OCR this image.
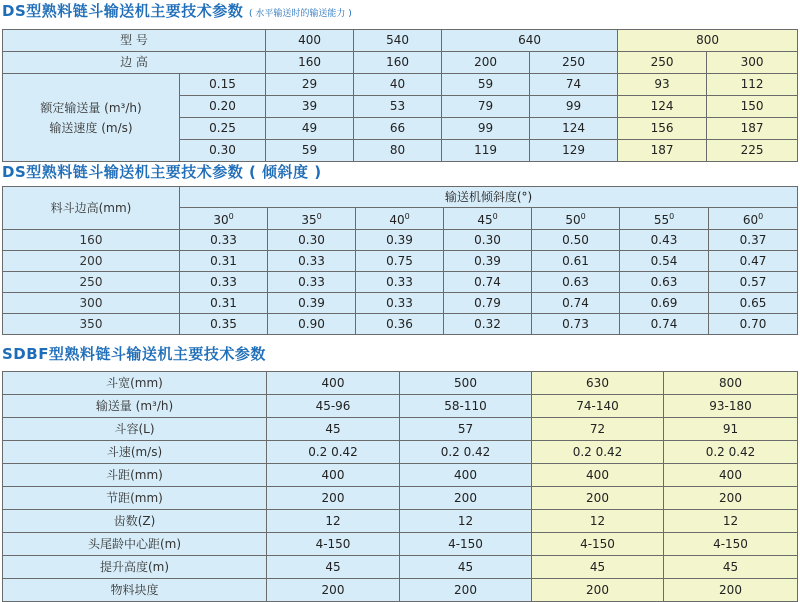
DS型熟料链斗输送机主要技术参数 ( 水平输送时的输送能力 )
型 号		400	540	640		800	
边 高		160	160	200	250	250	300

额定输送量 (m³/h)
输送速度 (m/s)	0.15	29	40	59	74	93	112
	0.20	39	53	79	99	124	150
	0.25	49	66	99	124	156	187
	0.30	59	80	119	129	187	225
DS型熟料链斗输送机主要技术参数 ( 倾斜度 )
料斗边高(mm)	输送机倾斜度(°)						
	$30^0$	$35^0$	$40^0$	$45^0$	$50^0$	$55^0$	$60^0$
160	0.33	0.30	0.39	0.30	0.50	0.43	0.37
200	0.31	0.33	0.75	0.39	0.61	0.54	0.47
250	0.33	0.33	0.33	0.74	0.63	0.63	0.57
300	0.31	0.39	0.33	0.79	0.74	0.69	0.65
350	0.35	0.90	0.36	0.32	0.73	0.74	0.70
SDBF型熟料链斗输送机主要技术参数
斗宽(mm)	400	500	630	800
输送量 (m³/h)	45-96	58-110	74-140	93-180
斗容(L)	45	57	72	91
斗速(m/s)	0.2 0.42	0.2 0.42	0.2 0.42	0.2 0.42
斗距(mm)	400	400	400	400
节距(mm)	200	200	200	200
齿数(Z)	12	12	12	12
头尾龄中心距(m)	4-150	4-150	4-150	4-150
提升高度(m)	45	45	45	45
物料块度	200	200	200	200
